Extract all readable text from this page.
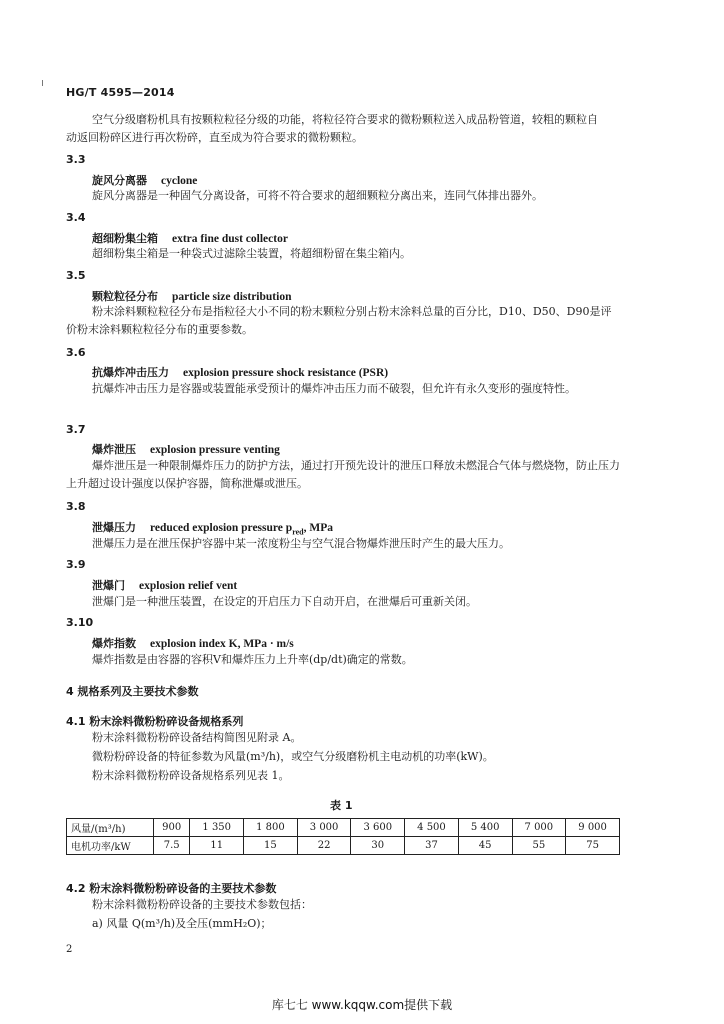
HG/T 4595—2014
空气分级磨粉机具有按颗粒粒径分级的功能，将粒径符合要求的微粉颗粒送入成品粉管道，较粗的颗粒自动返回粉碎区进行再次粉碎，直至成为符合要求的微粉颗粒。
3.3
旋风分离器 cyclone
旋风分离器是一种固气分离设备，可将不符合要求的超细颗粒分离出来，连同气体排出器外。
3.4
超细粉集尘箱 extra fine dust collector
超细粉集尘箱是一种袋式过滤除尘装置，将超细粉留在集尘箱内。
3.5
颗粒粒径分布 particle size distribution
粉末涂料颗粒粒径分布是指粒径大小不同的粉末颗粒分别占粉末涂料总量的百分比，D10、D50、D90是评价粉末涂料颗粒粒径分布的重要参数。
3.6
抗爆炸冲击压力 explosion pressure shock resistance (PSR)
抗爆炸冲击压力是容器或装置能承受预计的爆炸冲击压力而不破裂，但允许有永久变形的强度特性。
3.7
爆炸泄压 explosion pressure venting
爆炸泄压是一种限制爆炸压力的防护方法，通过打开预先设计的泄压口释放未燃混合气体与燃烧物，防止压力上升超过设计强度以保护容器，简称泄爆或泄压。
3.8
泄爆压力 reduced explosion pressure $p_{red}$, MPa
泄爆压力是在泄压保护容器中某一浓度粉尘与空气混合物爆炸泄压时产生的最大压力。
3.9
泄爆门 explosion relief vent
泄爆门是一种泄压装置，在设定的开启压力下自动开启，在泄爆后可重新关闭。
3.10
爆炸指数 explosion index K, MPa · m/s
爆炸指数是由容器的容积V和爆炸压力上升率(dp/dt)确定的常数。
4 规格系列及主要技术参数
4.1 粉末涂料微粉粉碎设备规格系列
粉末涂料微粉粉碎设备结构简图见附录 A。
微粉粉碎设备的特征参数为风量(m³/h)，或空气分级磨粉机主电动机的功率(kW)。
粉末涂料微粉粉碎设备规格系列见表 1。
表 1
风量/(m³/h)	900	1 350	1 800	3 000	3 600	4 500	5 400	7 000	9 000
电机功率/kW	7.5	11	15	22	30	37	45	55	75
4.2 粉末涂料微粉粉碎设备的主要技术参数
粉末涂料微粉粉碎设备的主要技术参数包括：
a) 风量 Q(m³/h)及全压(mmH₂O)；
2
库七七 www.kqqw.com提供下载
